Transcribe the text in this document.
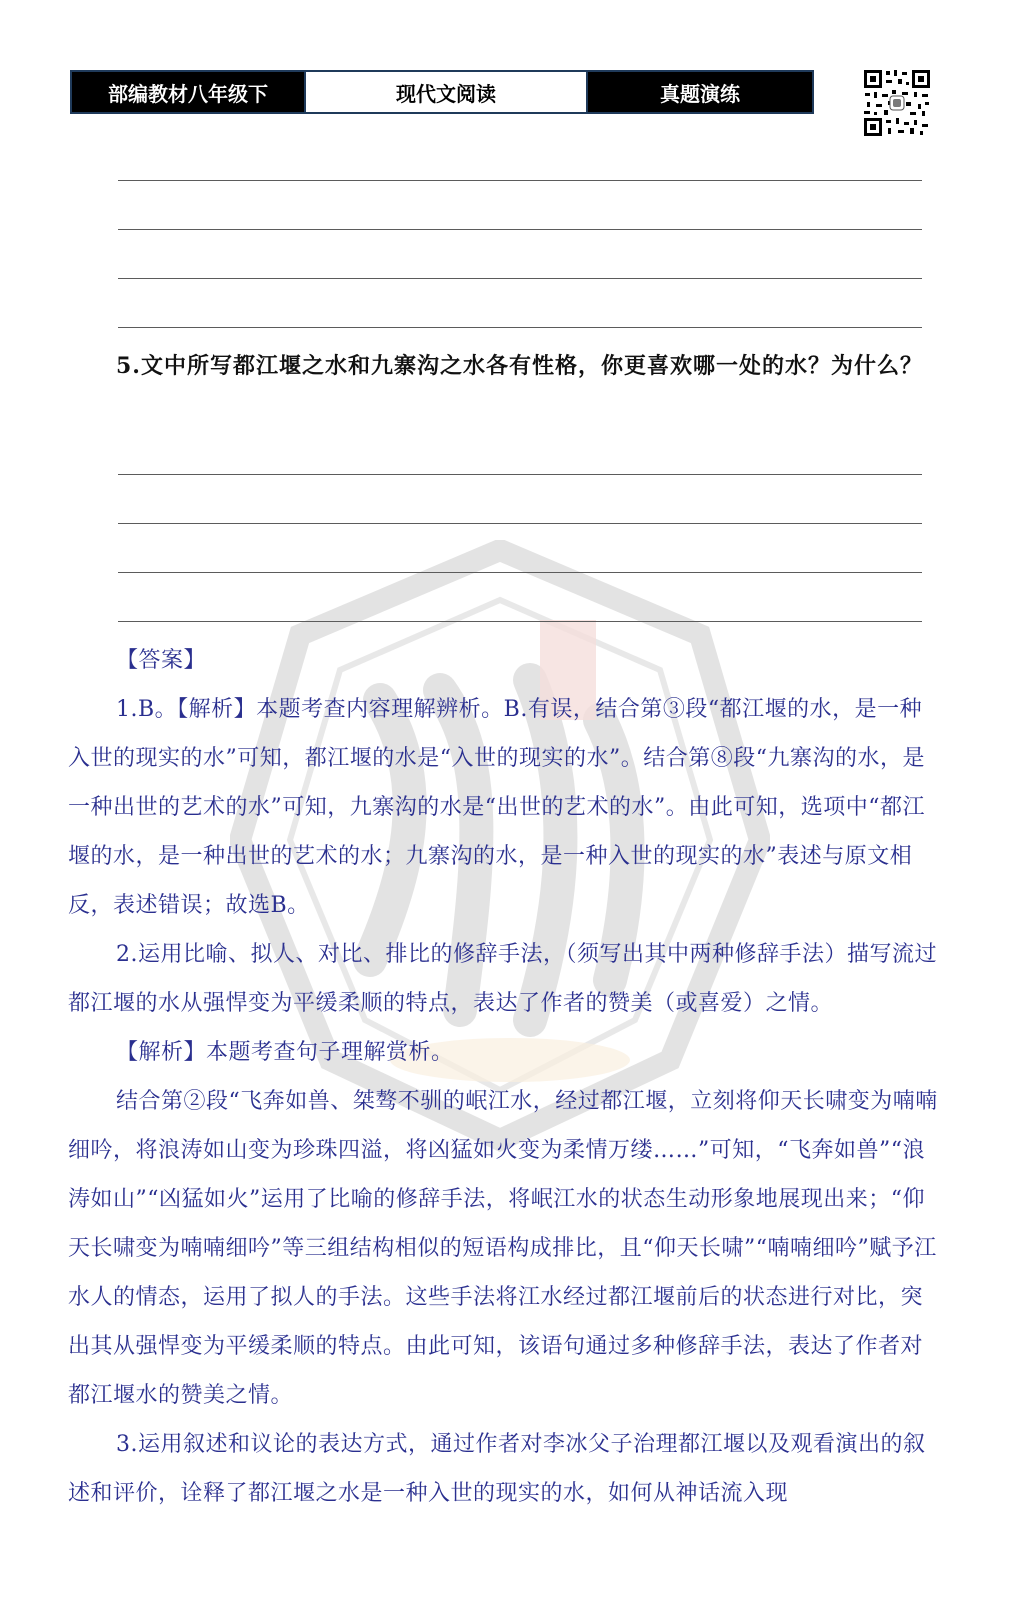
部编教材八年级下	现代文阅读	真题演练
5.文中所写都江堰之水和九寨沟之水各有性格，你更喜欢哪一处的水？为什么？

【答案】

1.B。【解析】本题考查内容理解辨析。B.有误，结合第③段“都江堰的水，是一种入世的现实的水”可知，都江堰的水是“入世的现实的水”。结合第⑧段“九寨沟的水，是一种出世的艺术的水”可知，九寨沟的水是“出世的艺术的水”。由此可知，选项中“都江堰的水，是一种出世的艺术的水；九寨沟的水，是一种入世的现实的水”表述与原文相反，表述错误；故选B。

2.运用比喻、拟人、对比、排比的修辞手法，（须写出其中两种修辞手法）描写流过都江堰的水从强悍变为平缓柔顺的特点，表达了作者的赞美（或喜爱）之情。

【解析】本题考查句子理解赏析。

结合第②段“飞奔如兽、桀骜不驯的岷江水，经过都江堰，立刻将仰天长啸变为喃喃细吟，将浪涛如山变为珍珠四溢，将凶猛如火变为柔情万缕……”可知，“飞奔如兽”“浪涛如山”“凶猛如火”运用了比喻的修辞手法，将岷江水的状态生动形象地展现出来；“仰天长啸变为喃喃细吟”等三组结构相似的短语构成排比，且“仰天长啸”“喃喃细吟”赋予江水人的情态，运用了拟人的手法。这些手法将江水经过都江堰前后的状态进行对比，突出其从强悍变为平缓柔顺的特点。由此可知，该语句通过多种修辞手法，表达了作者对都江堰水的赞美之情。

3.运用叙述和议论的表达方式，通过作者对李冰父子治理都江堰以及观看演出的叙述和评价，诠释了都江堰之水是一种入世的现实的水，如何从神话流入现
